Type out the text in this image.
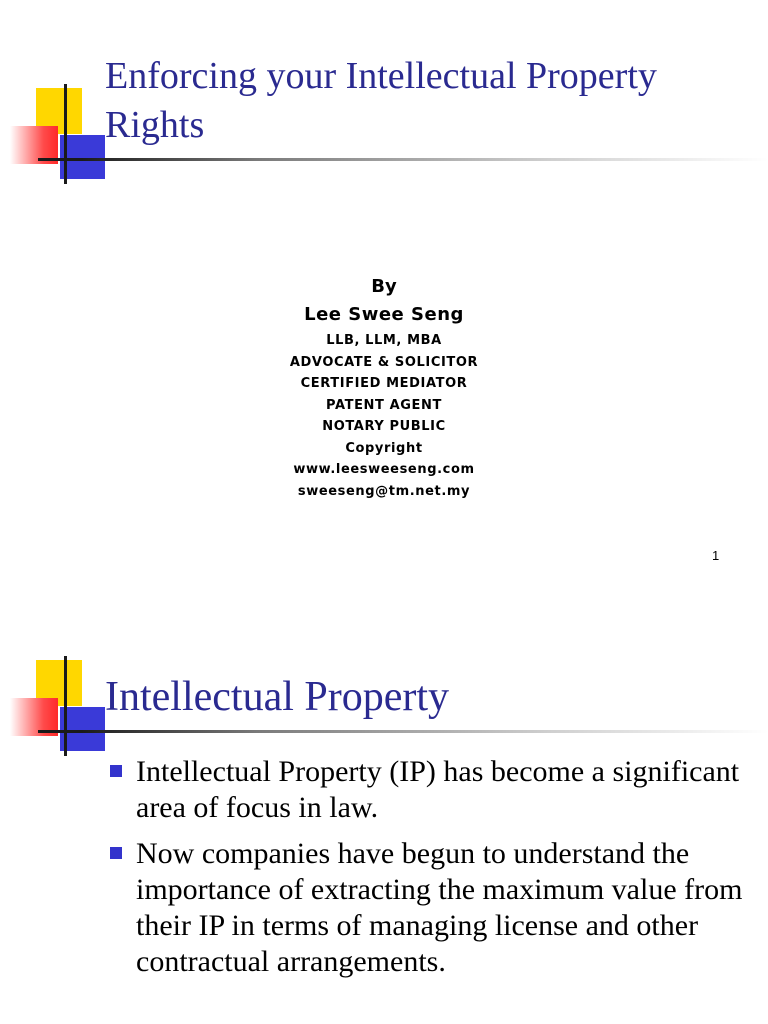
Enforcing your Intellectual Property Rights
By
Lee Swee Seng
LLB, LLM, MBA
ADVOCATE & SOLICITOR
CERTIFIED MEDIATOR
PATENT AGENT
NOTARY PUBLIC
Copyright
www.leesweeseng.com
sweeseng@tm.net.my
1
Intellectual Property
Intellectual Property (IP) has become a significant area of focus in law.
Now companies have begun to understand the importance of extracting the maximum value from their IP in terms of managing license and other contractual arrangements.
